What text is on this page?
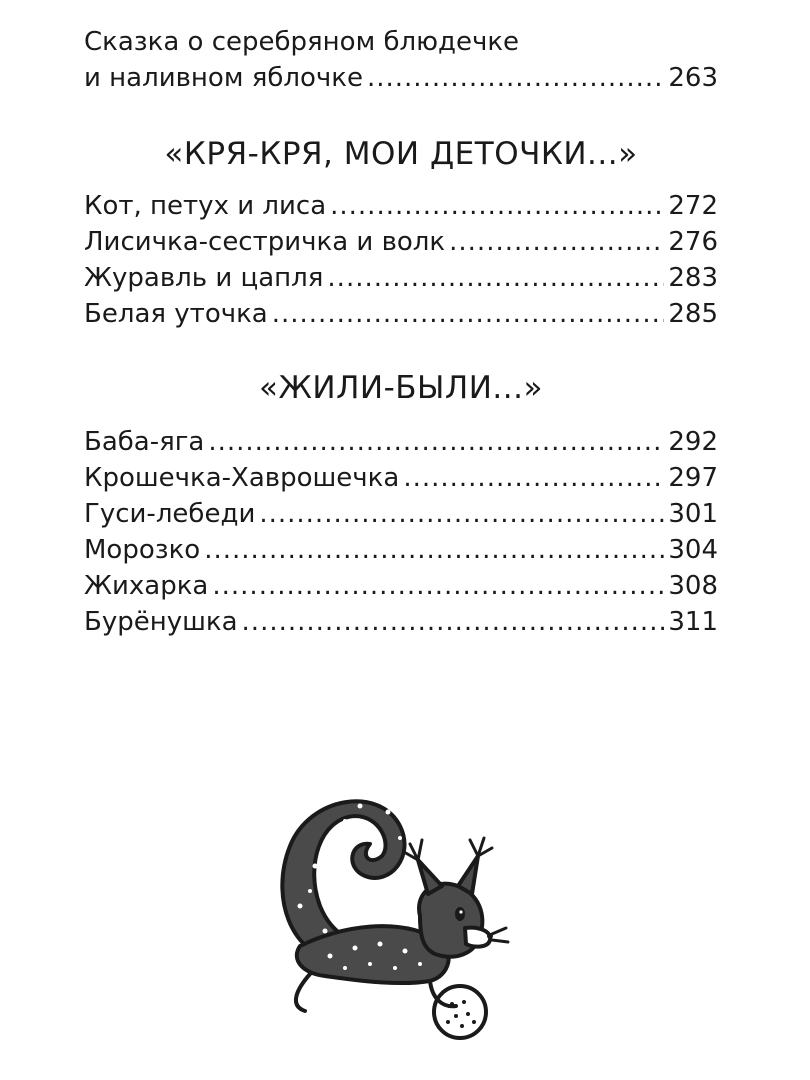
Сказка о серебряном блюдечке
и наливном яблочке .....	263
«КРЯ-КРЯ, МОИ ДЕТОЧКИ...»
Кот, петух и лиса .....	272
Лисичка-сестричка и волк .....	276
Журавль и цапля .....	283
Белая уточка .....	285
«ЖИЛИ-БЫЛИ...»
Баба-яга .....	292
Крошечка-Хаврошечка .....	297
Гуси-лебеди .....	301
Морозко .....	304
Жихарка .....	308
Бурёнушка .....	311
